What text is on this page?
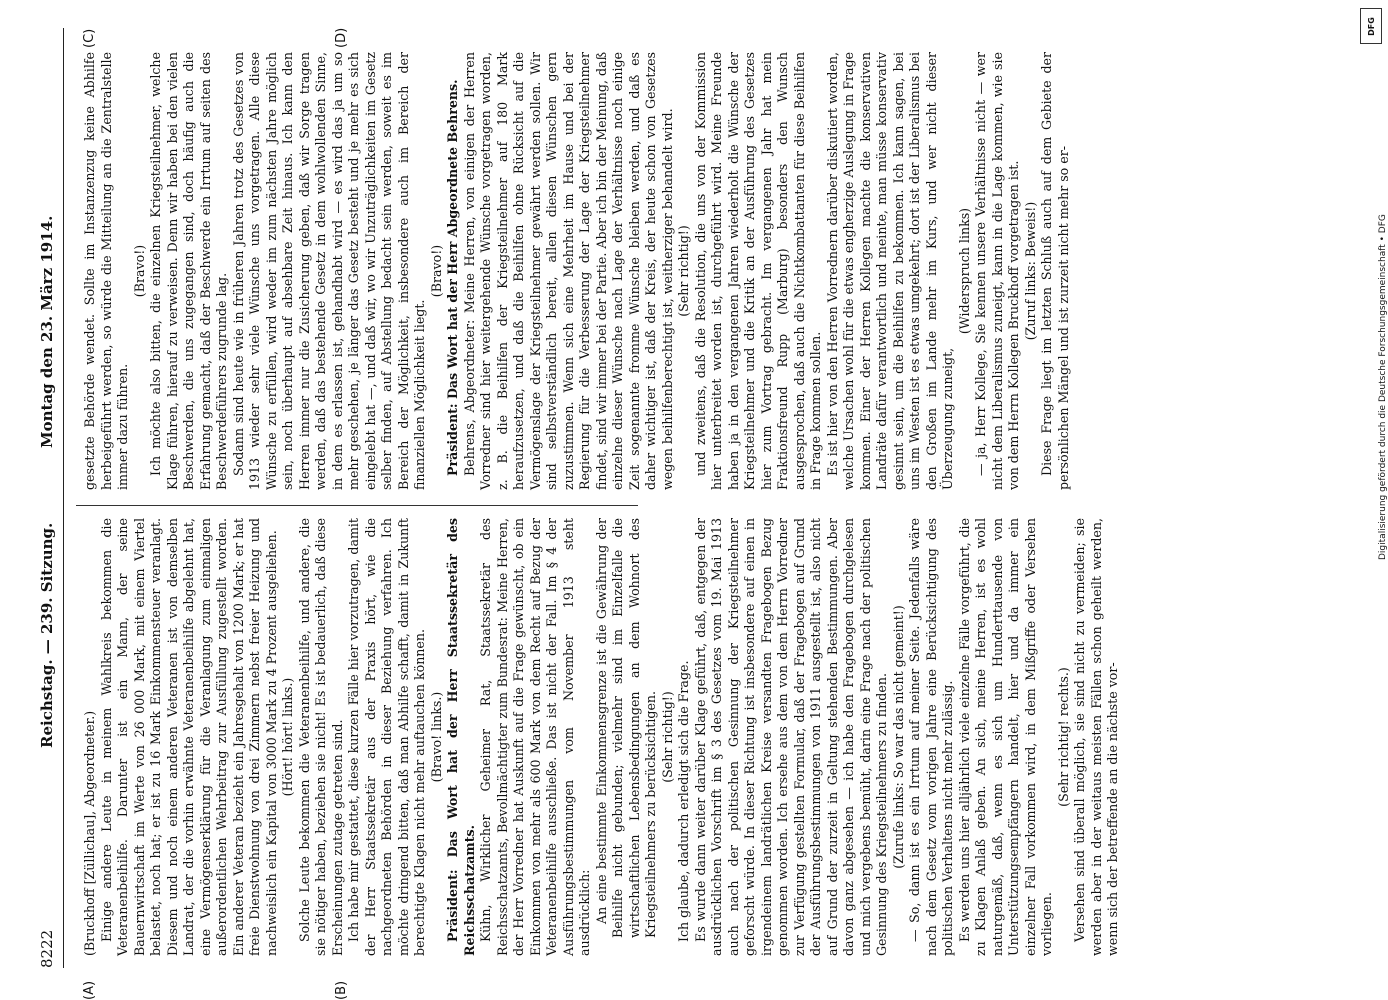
8222
Reichstag. — 239. Sitzung.
Montag den 23. März 1914.
(A)	(B)
(C)	(D)

(Bruckhoff [Züllichau], Abgeordneter.) Einige andere Leute in meinem Wahlkreis bekommen die Veteranenbeihilfe. Darunter ist ein Mann, der seine Bauernwirtschaft im Werte von 26 000 Mark, mit einem Viertel belastet, noch hat; er ist zu 16 Mark Einkommensteuer veranlagt. Diesem und noch einem anderen Veteranen ist von demselben Landrat, der die vorhin erwähnte Veteranenbeihilfe abgelehnt hat, eine Vermögenserklärung für die Veranlagung zum einmaligen außerordentlichen Wehrbeitrag zur Ausfüllung zugestellt worden. Ein anderer Veteran bezieht ein Jahresgehalt von 1200 Mark; er hat freie Dienstwohnung von drei Zimmern nebst freier Heizung und nachweislich ein Kapital von 3000 Mark zu 4 Prozent ausgeliehen. (Hört! hört! links.) Solche Leute bekommen die Veteranenbeihilfe, und andere, die sie nötiger haben, beziehen sie nicht! Es ist bedauerlich, daß diese Erscheinungen zutage getreten sind. Ich habe mir gestattet, diese kurzen Fälle hier vorzutragen, damit der Herr Staatssekretär aus der Praxis hört, wie die nachgeordneten Behörden in dieser Beziehung verfahren. Ich möchte dringend bitten, daß man Abhilfe schafft, damit in Zukunft berechtigte Klagen nicht mehr auftauchen können. (Bravo! links.) Präsident: Das Wort hat der Herr Staatssekretär des Reichsschatzamts. Kühn, Wirklicher Geheimer Rat, Staatssekretär des Reichsschatzamts, Bevollmächtigter zum Bundesrat: Meine Herren, der Herr Vorredner hat Auskunft auf die Frage gewünscht, ob ein Einkommen von mehr als 600 Mark von dem Recht auf Bezug der Veteranenbeihilfe ausschließe. Das ist nicht der Fall. Im § 4 der Ausführungsbestimmungen vom November 1913 steht ausdrücklich: An eine bestimmte Einkommensgrenze ist die Gewährung der Beihilfe nicht gebunden; vielmehr sind im Einzelfalle die wirtschaftlichen Lebensbedingungen an dem Wohnort des Kriegsteilnehmers zu berücksichtigen. (Sehr richtig!) Ich glaube, dadurch erledigt sich die Frage. Es wurde dann weiter darüber Klage geführt, daß, entgegen der ausdrücklichen Vorschrift im § 3 des Gesetzes vom 19. Mai 1913 auch nach der politischen Gesinnung der Kriegsteilnehmer geforscht würde. In dieser Richtung ist insbesondere auf einen in irgendeinem landrätlichen Kreise versandten Fragebogen Bezug genommen worden. Ich ersehe aus dem von dem Herrn Vorredner zur Verfügung gestellten Formular, daß der Fragebogen auf Grund der Ausführungsbestimmungen von 1911 ausgestellt ist, also nicht auf Grund der zurzeit in Geltung stehenden Bestimmungen. Aber davon ganz abgesehen — ich habe den Fragebogen durchgelesen und mich vergebens bemüht, darin eine Frage nach der politischen Gesinnung des Kriegsteilnehmers zu finden. (Zurufe links: So war das nicht gemeint!) — So, dann ist es ein Irrtum auf meiner Seite. Jedenfalls wäre nach dem Gesetz vom vorigen Jahre eine Berücksichtigung des politischen Verhaltens nicht mehr zulässig. Es werden uns hier alljährlich viele einzelne Fälle vorgeführt, die zu Klagen Anlaß geben. An sich, meine Herren, ist es wohl naturgemäß, daß, wenn es sich um Hunderttausende von Unterstützungsempfängern handelt, hier und da immer ein einzelner Fall vorkommen wird, in dem Mißgriffe oder Versehen vorliegen.

(Sehr richtig! rechts.) Versehen sind überall möglich, sie sind nicht zu vermeiden; sie werden aber in der weitaus meisten Fällen schon geheilt werden, wenn sich der betreffende an die nächste vor-

gesetzte Behörde wendet. Sollte im Instanzenzug keine Abhilfe herbeigeführt werden, so würde die Mitteilung an die Zentralstelle immer dazu führen.

(Bravo!) Ich möchte also bitten, die einzelnen Kriegsteilnehmer, welche Klage führen, hierauf zu verweisen. Denn wir haben bei den vielen Beschwerden, die uns zugegangen sind, doch häufig auch die Erfahrung gemacht, daß der Beschwerde ein Irrtum auf seiten des Beschwerdeführers zugrunde lag. Sodann sind heute wie in früheren Jahren trotz des Gesetzes von 1913 wieder sehr viele Wünsche uns vorgetragen. Alle diese Wünsche zu erfüllen, wird weder im zum nächsten Jahre möglich sein, noch überhaupt auf absehbare Zeit hinaus. Ich kann den Herren immer nur die Zusicherung geben, daß wir Sorge tragen werden, daß das bestehende Gesetz in dem wohlwollenden Sinne, in dem es erlassen ist, gehandhabt wird — es wird das ja um so mehr geschehen, je länger das Gesetz besteht und je mehr es sich eingelebt hat —, und daß wir, wo wir Unzuträglichkeiten im Gesetz selber finden, auf Abstellung bedacht sein werden, soweit es im Bereich der Möglichkeit, insbesondere auch im Bereich der finanziellen Möglichkeit liegt.

(Bravo!) Präsident: Das Wort hat der Herr Abgeordnete Behrens. Behrens, Abgeordneter: Meine Herren, von einigen der Herren Vorredner sind hier weitergehende Wünsche vorgetragen worden, z. B. die Beihilfen der Kriegsteilnehmer auf 180 Mark heraufzusetzen, und daß die Beihilfen ohne Rücksicht auf die Vermögenslage der Kriegsteilnehmer gewährt werden sollen. Wir sind selbstverständlich bereit, allen diesen Wünschen gern zuzustimmen. Wenn sich eine Mehrheit im Hause und bei der Regierung für die Verbesserung der Lage der Kriegsteilnehmer findet, sind wir immer bei der Partie. Aber ich bin der Meinung, daß einzelne dieser Wünsche nach Lage der Verhältnisse noch einige Zeit sogenannte fromme Wünsche bleiben werden, und daß es daher wichtiger ist, daß der Kreis, der heute schon von Gesetzes wegen beihilfenberechtigt ist, weitherziger behandelt wird. (Sehr richtig!) und zweitens, daß die Resolution, die uns von der Kommission hier unterbreitet worden ist, durchgeführt wird. Meine Freunde haben ja in den vergangenen Jahren wiederholt die Wünsche der Kriegsteilnehmer und die Kritik an der Ausführung des Gesetzes hier zum Vortrag gebracht. Im vergangenen Jahr hat mein Fraktionsfreund Rupp (Marburg) besonders den Wunsch ausgesprochen, daß auch die Nichtkombattanten für diese Beihilfen in Frage kommen sollen. Es ist hier von den Herren Vorrednern darüber diskutiert worden, welche Ursachen wohl für die etwas engherzige Auslegung in Frage kommen. Einer der Herren Kollegen machte die konservativen Landräte dafür verantwortlich und meinte, man müsse konservativ gesinnt sein, um die Beihilfen zu bekommen. Ich kann sagen, bei uns im Westen ist es etwas umgekehrt; dort ist der Liberalismus bei den Großen im Lande mehr im Kurs, und wer nicht dieser Überzeugung zuneigt,

(Widerspruch links) — ja, Herr Kollege, Sie kennen unsere Verhältnisse nicht — wer nicht dem Liberalismus zuneigt, kann in die Lage kommen, wie sie von dem Herrn Kollegen Bruckhoff vorgetragen ist. (Zuruf links: Beweis!) Diese Frage liegt im letzten Schluß auch auf dem Gebiete der persönlichen Mängel und ist zurzeit nicht mehr so er-	Digitalisierung gefördert durch die Deutsche Forschungsgemeinschaft • DFG
DFG
